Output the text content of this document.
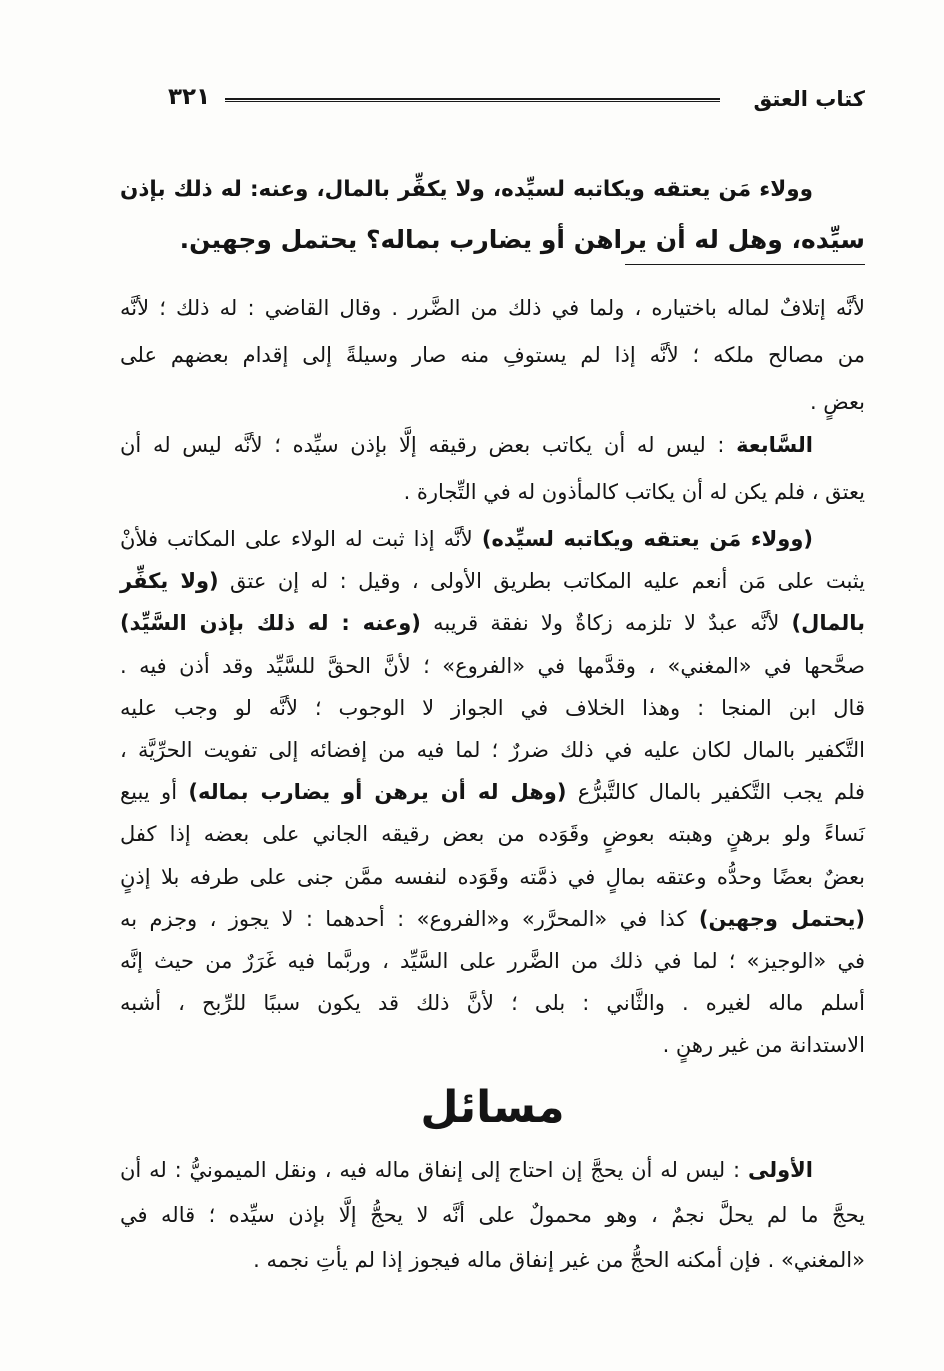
كتاب العتق
٣٢١
وولاء مَن يعتقه ويكاتبه لسيِّده، ولا يكفِّر بالمال، وعنه: له ذلك بإذن
سيِّده، وهل له أن يراهن أو يضارب بماله؟ يحتمل وجهين.
لأنَّه إتلافٌ لماله باختياره ، ولما في ذلك من الضَّرر . وقال القاضي : له ذلك ؛ لأنَّه
من مصالح ملكه ؛ لأنَّه إذا لم يستوفِ منه صار وسيلةً إلى إقدام بعضهم على
بعضٍ .
السَّابعة : ليس له أن يكاتب بعض رقيقه إلَّا بإذن سيِّده ؛ لأنَّه ليس له أن
يعتق ، فلم يكن له أن يكاتب كالمأذون له في التِّجارة .
(وولاء مَن يعتقه ويكاتبه لسيِّده) لأنَّه إذا ثبت له الولاء على المكاتب فلأنْ
يثبت على مَن أنعم عليه المكاتب بطريق الأولى ، وقيل : له إن عتق (ولا يكفِّر
بالمال) لأنَّه عبدٌ لا تلزمه زكاةٌ ولا نفقة قريبه (وعنه : له ذلك بإذن السَّيِّد)
صحَّحها في «المغني» ، وقدَّمها في «الفروع» ؛ لأنَّ الحقَّ للسَّيِّد وقد أذن فيه .
قال ابن المنجا : وهذا الخلاف في الجواز لا الوجوب ؛ لأنَّه لو وجب عليه
التَّكفير بالمال لكان عليه في ذلك ضررٌ ؛ لما فيه من إفضائه إلى تفويت الحرِّيَّة ،
فلم يجب التَّكفير بالمال كالتَّبرُّع (وهل له أن يرهن أو يضارب بماله) أو يبيع
نَساءً ولو برهنٍ وهبته بعوضٍ وقَوَده من بعض رقيقه الجاني على بعضه إذا كفل
بعضٌ بعضًا وحدُّه وعتقه بمالٍ في ذمَّته وقَوَده لنفسه ممَّن جنى على طرفه بلا إذنٍ
(يحتمل وجهين) كذا في «المحرَّر» و«الفروع» : أحدهما : لا يجوز ، وجزم به
في «الوجيز» ؛ لما في ذلك من الضَّرر على السَّيِّد ، وربَّما فيه غَرَرٌ من حيث إنَّه
أسلم ماله لغيره . والثَّاني : بلى ؛ لأنَّ ذلك قد يكون سببًا للرِّبح ، أشبه
الاستدانة من غير رهنٍ .
مسائل
الأولى : ليس له أن يحجَّ إن احتاج إلى إنفاق ماله فيه ، ونقل الميمونيُّ : له أن
يحجَّ ما لم يحلَّ نجمٌ ، وهو محمولٌ على أنَّه لا يحجُّ إلَّا بإذن سيِّده ؛ قاله في
«المغني» . فإن أمكنه الحجُّ من غير إنفاق ماله فيجوز إذا لم يأتِ نجمه .
